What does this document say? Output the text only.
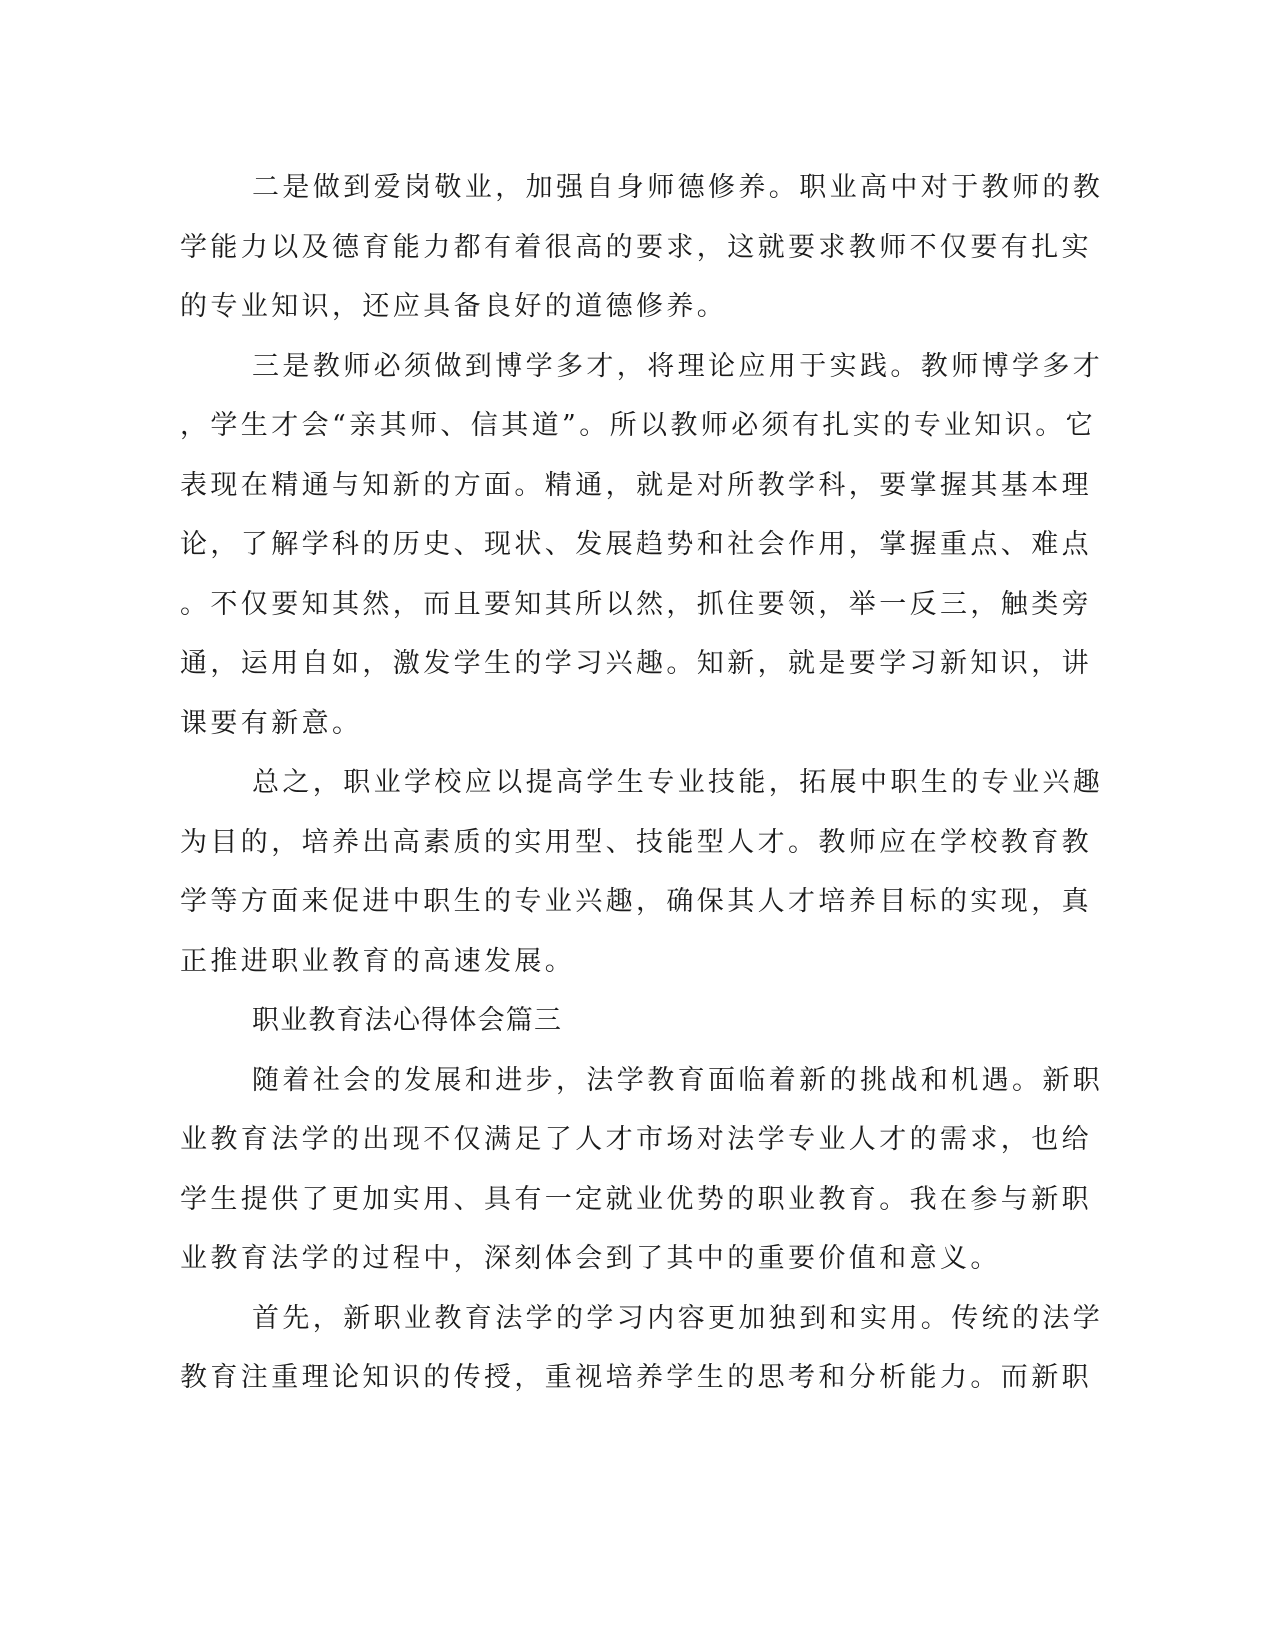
二是做到爱岗敬业，加强自身师德修养。职业高中对于教师的教
学能力以及德育能力都有着很高的要求，这就要求教师不仅要有扎实
的专业知识，还应具备良好的道德修养。
三是教师必须做到博学多才，将理论应用于实践。教师博学多才
，学生才会“亲其师、信其道”。所以教师必须有扎实的专业知识。它
表现在精通与知新的方面。精通，就是对所教学科，要掌握其基本理
论，了解学科的历史、现状、发展趋势和社会作用，掌握重点、难点
。不仅要知其然，而且要知其所以然，抓住要领，举一反三，触类旁
通，运用自如，激发学生的学习兴趣。知新，就是要学习新知识，讲
课要有新意。
总之，职业学校应以提高学生专业技能，拓展中职生的专业兴趣
为目的，培养出高素质的实用型、技能型人才。教师应在学校教育教
学等方面来促进中职生的专业兴趣，确保其人才培养目标的实现，真
正推进职业教育的高速发展。
职业教育法心得体会篇三
随着社会的发展和进步，法学教育面临着新的挑战和机遇。新职
业教育法学的出现不仅满足了人才市场对法学专业人才的需求，也给
学生提供了更加实用、具有一定就业优势的职业教育。我在参与新职
业教育法学的过程中，深刻体会到了其中的重要价值和意义。
首先，新职业教育法学的学习内容更加独到和实用。传统的法学
教育注重理论知识的传授，重视培养学生的思考和分析能力。而新职
